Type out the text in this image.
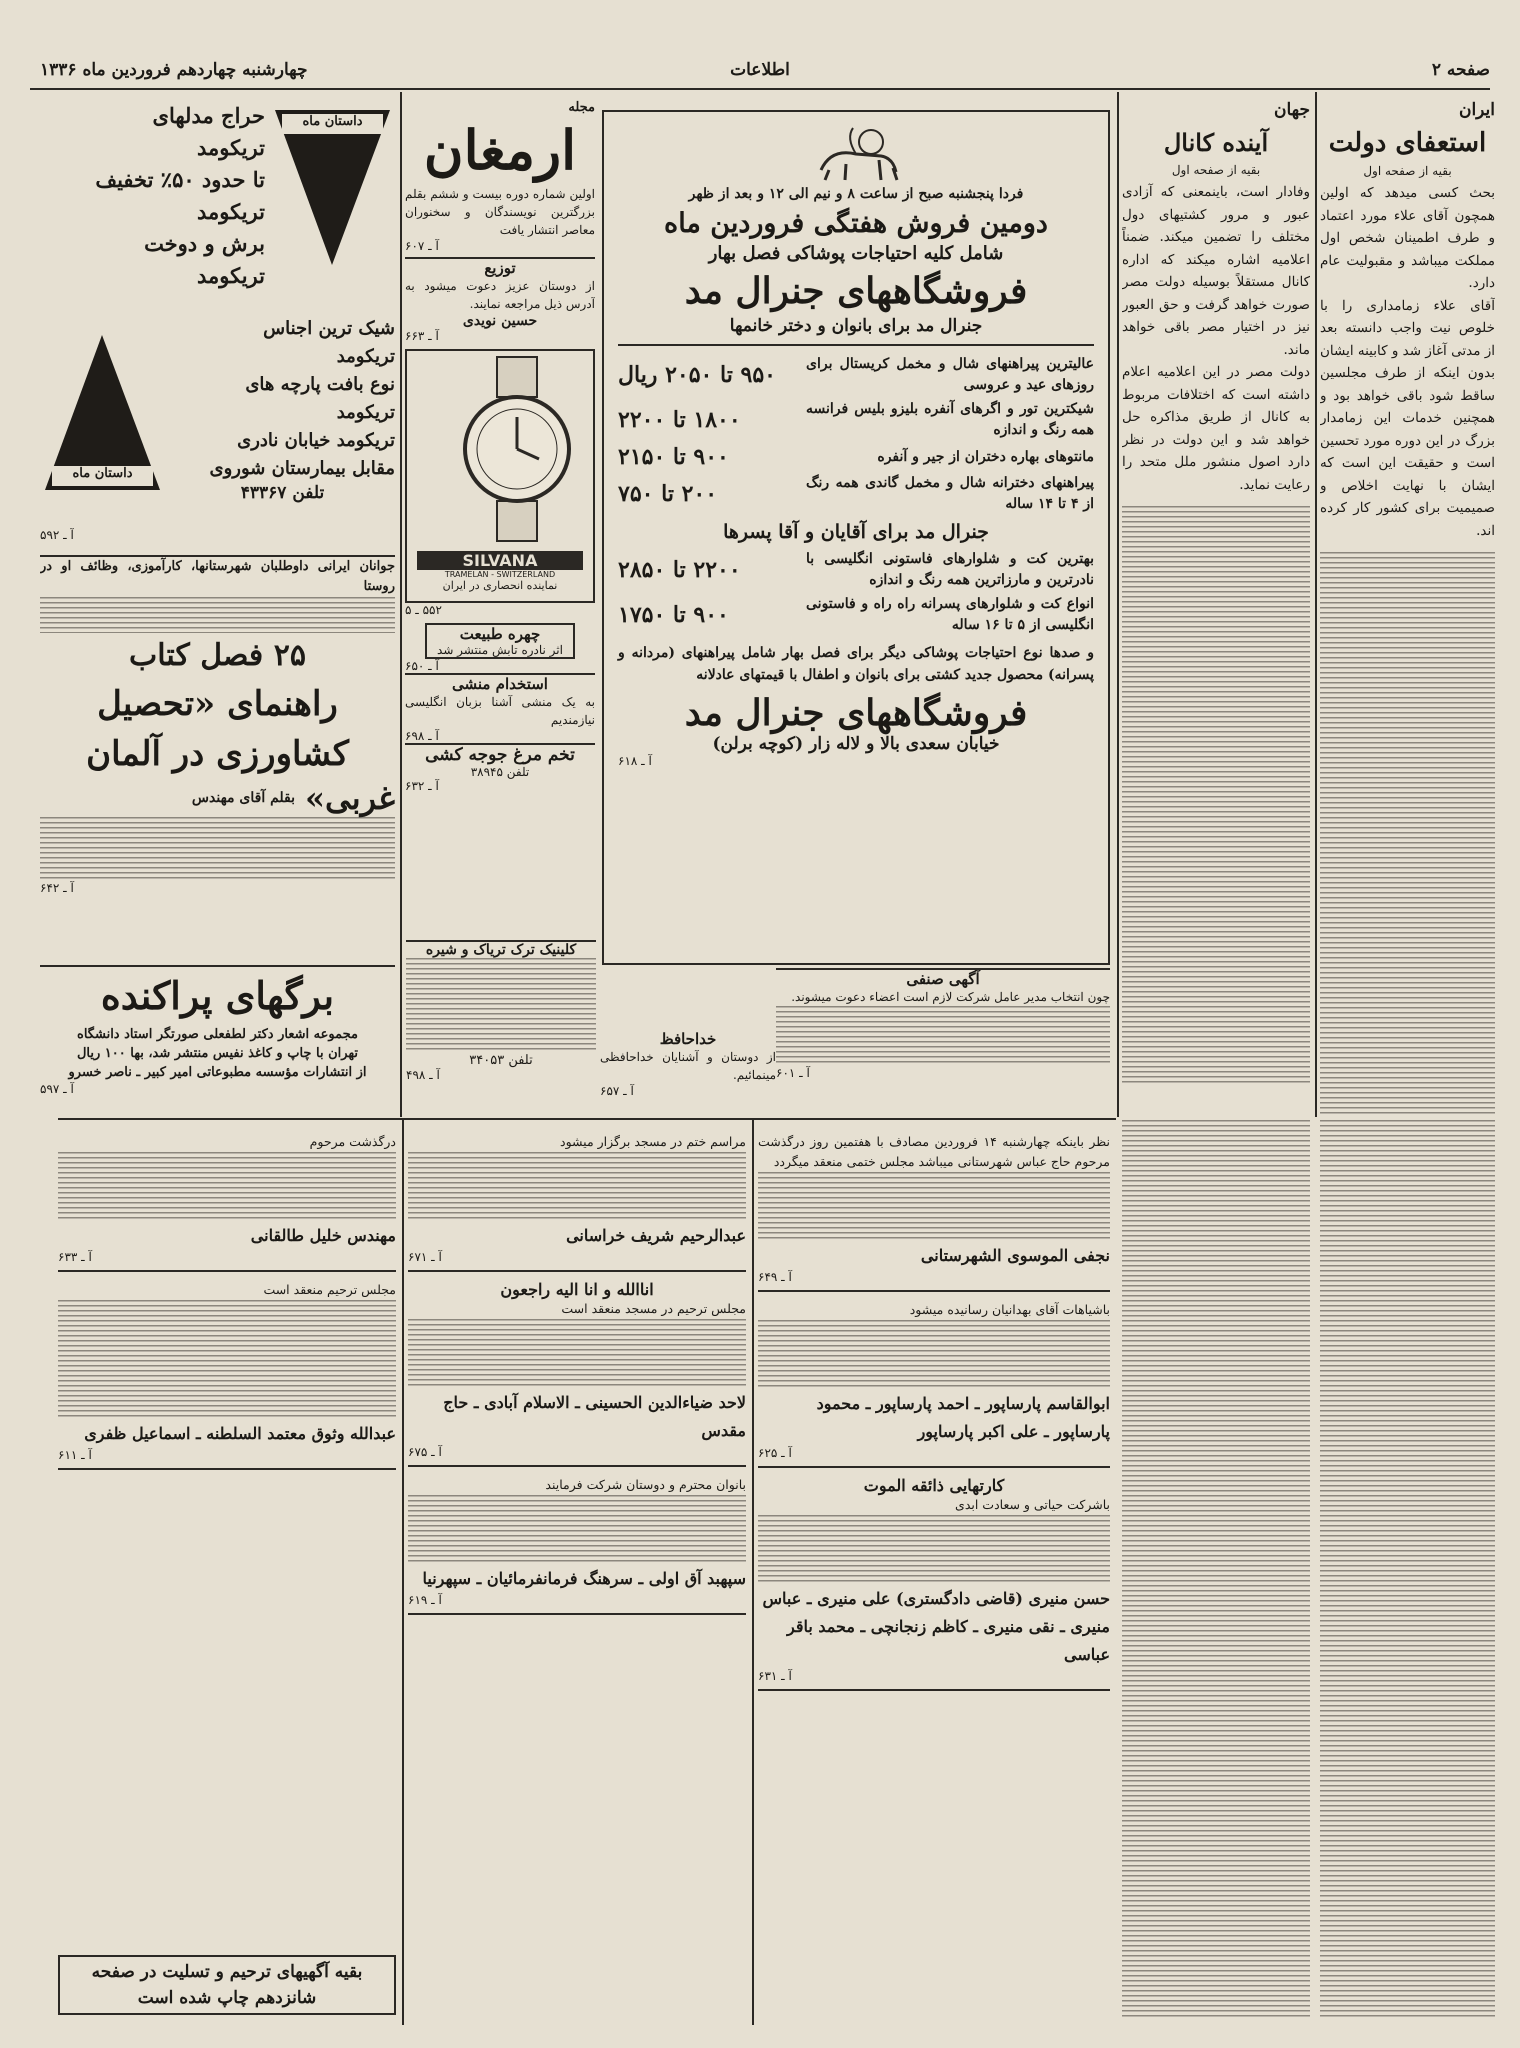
صفحه ۲
اطلاعات
چهارشنبه چهاردهم فروردین ماه ۱۳۳۶
ایران
استعفای دولت
بقیه از صفحه اول

بحث کسی میدهد که اولین همچون آقای علاء مورد اعتماد و طرف اطمینان شخص اول مملکت میباشد و مقبولیت عام دارد.

آقای علاء زمامداری را با خلوص نیت واجب دانسته بعد از مدتی آغاز شد و کابینه ایشان بدون اینکه از طرف مجلسین ساقط شود باقی خواهد بود و همچنین خدمات این زمامدار بزرگ در این دوره مورد تحسین است و حقیقت این است که ایشان با نهایت اخلاص و صمیمیت برای کشور کار کرده اند.

جهان
آینده کانال
بقیه از صفحه اول

وفادار است، باینمعنی که آزادی عبور و مرور کشتیهای دول مختلف را تضمین میکند. ضمناً اعلامیه اشاره میکند که اداره کانال مستقلاً بوسیله دولت مصر صورت خواهد گرفت و حق العبور نیز در اختیار مصر باقی خواهد ماند.

دولت مصر در این اعلامیه اعلام داشته است که اختلافات مربوط به کانال از طریق مذاکره حل خواهد شد و این دولت در نظر دارد اصول منشور ملل متحد را رعایت نماید.

فردا پنجشنبه صبح از ساعت ۸ و نیم الی ۱۲ و بعد از ظهر
دومین فروش هفتگی فروردین ماه
شامل کلیه احتیاجات پوشاکی فصل بهار
فروشگاههای جنرال مد
جنرال مد برای بانوان و دختر خانمها
عالیترین پیراهنهای شال و مخمل کریستال برای روزهای عید و عروسی
۹۵۰ تا ۲۰۵۰ ریال
شیکترین تور و اگرهای آنفره بلیزو بلیس فرانسه همه رنگ و اندازه
۱۸۰۰ تا ۲۲۰۰
مانتوهای بهاره دختران از جیر و آنفره
۹۰۰ تا ۲۱۵۰
پیراهنهای دخترانه شال و مخمل گاندی همه رنگ از ۴ تا ۱۴ ساله
۲۰۰ تا ۷۵۰
جنرال مد برای آقایان و آقا پسرها
بهترین کت و شلوارهای فاستونی انگلیسی با نادرترین و مارزاترین همه رنگ و اندازه
۲۲۰۰ تا ۲۸۵۰
انواع کت و شلوارهای پسرانه راه راه و فاستونی انگلیسی از ۵ تا ۱۶ ساله
۹۰۰ تا ۱۷۵۰
و صدها نوع احتیاجات پوشاکی دیگر برای فصل بهار شامل پیراهنهای (مردانه و پسرانه) محصول جدید کشتی برای بانوان و اطفال با قیمتهای عادلانه
فروشگاههای جنرال مد
خیابان سعدی بالا و لاله زار (کوچه برلن)
آ ـ ۶۱۸
آگهی صنفی
چون انتخاب مدیر عامل شرکت لازم است اعضاء دعوت میشوند.
آ ـ ۶۰۱
خداحافظ
از دوستان و آشنایان خداحافظی مینمائیم.
آ ـ ۶۵۷
کلینیک ترک تریاک و شیره
تلفن ۳۴۰۵۳
آ ـ ۴۹۸
مجله
ارمغان
اولین شماره دوره بیست و ششم بقلم بزرگترین نویسندگان و سخنوران معاصر انتشار یافت
آ ـ ۶۰۷
توزیع
از دوستان عزیز دعوت میشود به آدرس ذیل مراجعه نمایند.
حسین نویدی
آ ـ ۶۶۳
SILVANA
TRAMELAN - SWITZERLAND
نماینده انحصاری در ایران
۵۵۲ ـ ۵
چهره طبیعت
اثر نادره تابش منتشر شد
آ ـ ۶۵۰
استخدام منشی
به یک منشی آشنا بزبان انگلیسی نیازمندیم
آ ـ ۶۹۸
تخم مرغ جوجه کشی
تلفن ۳۸۹۴۵
آ ـ ۶۳۲
داستان ماه
حراج مدلهای
تریکومد
تا حدود ۵۰٪ تخفیف
تریکومد
برش و دوخت
تریکومد
داستان ماه
شیک ترین اجناس
تریکومد
نوع بافت پارچه های
تریکومد
تریکومد خیابان نادری
مقابل بیمارستان شوروی
تلفن ۴۳۳۶۷
آ ـ ۵۹۲
جوانان ایرانی داوطلبان شهرستانها، کارآموزی، وظائف او در روستا
۲۵ فصل کتاب
راهنمای «تحصیل
کشاورزی در آلمان
غربی»
بقلم آقای مهندس
آ ـ ۶۴۲
برگهای پراکنده
مجموعه اشعار دکتر لطفعلی صورتگر استاد دانشگاه
تهران با چاپ و کاغذ نفیس منتشر شد، بها ۱۰۰ ریال
از انتشارات مؤسسه مطبوعاتی امیر کبیر ـ ناصر خسرو
آ ـ ۵۹۷
درگذشت مرحوم
مهندس خلیل طالقانی
آ ـ ۶۳۳
مجلس ترحیم منعقد است
عبدالله وثوق معتمد السلطنه ـ اسماعیل ظفری
آ ـ ۶۱۱
مراسم ختم در مسجد برگزار میشود
عبدالرحیم شریف خراسانی
آ ـ ۶۷۱
اناالله و انا الیه راجعون
مجلس ترحیم در مسجد منعقد است
لاحد ضیاءالدین الحسینی ـ الاسلام آبادی ـ حاج مقدس
آ ـ ۶۷۵
بانوان محترم و دوستان شرکت فرمایند
سپهبد آق اولی ـ سرهنگ فرمانفرمائیان ـ سپهرنیا
آ ـ ۶۱۹
نظر باینکه چهارشنبه ۱۴ فروردین مصادف با هفتمین روز درگذشت مرحوم حاج عباس شهرستانی میباشد مجلس ختمی منعقد میگردد
نجفی الموسوی الشهرستانی
آ ـ ۶۴۹
باشیاهات آقای بهدانیان رسانیده میشود
ابوالقاسم پارساپور ـ احمد پارساپور ـ محمود پارساپور ـ علی اکبر پارساپور
آ ـ ۶۲۵
کارتهایی ذائقه الموت
باشرکت حیاتی و سعادت ابدی
حسن منیری (قاضی دادگستری) علی منیری ـ عباس منیری ـ نقی منیری ـ کاظم زنجانچی ـ محمد باقر عباسی
آ ـ ۶۳۱
بقیه آگهیهای ترحیم و تسلیت در صفحه شانزدهم چاپ شده است
